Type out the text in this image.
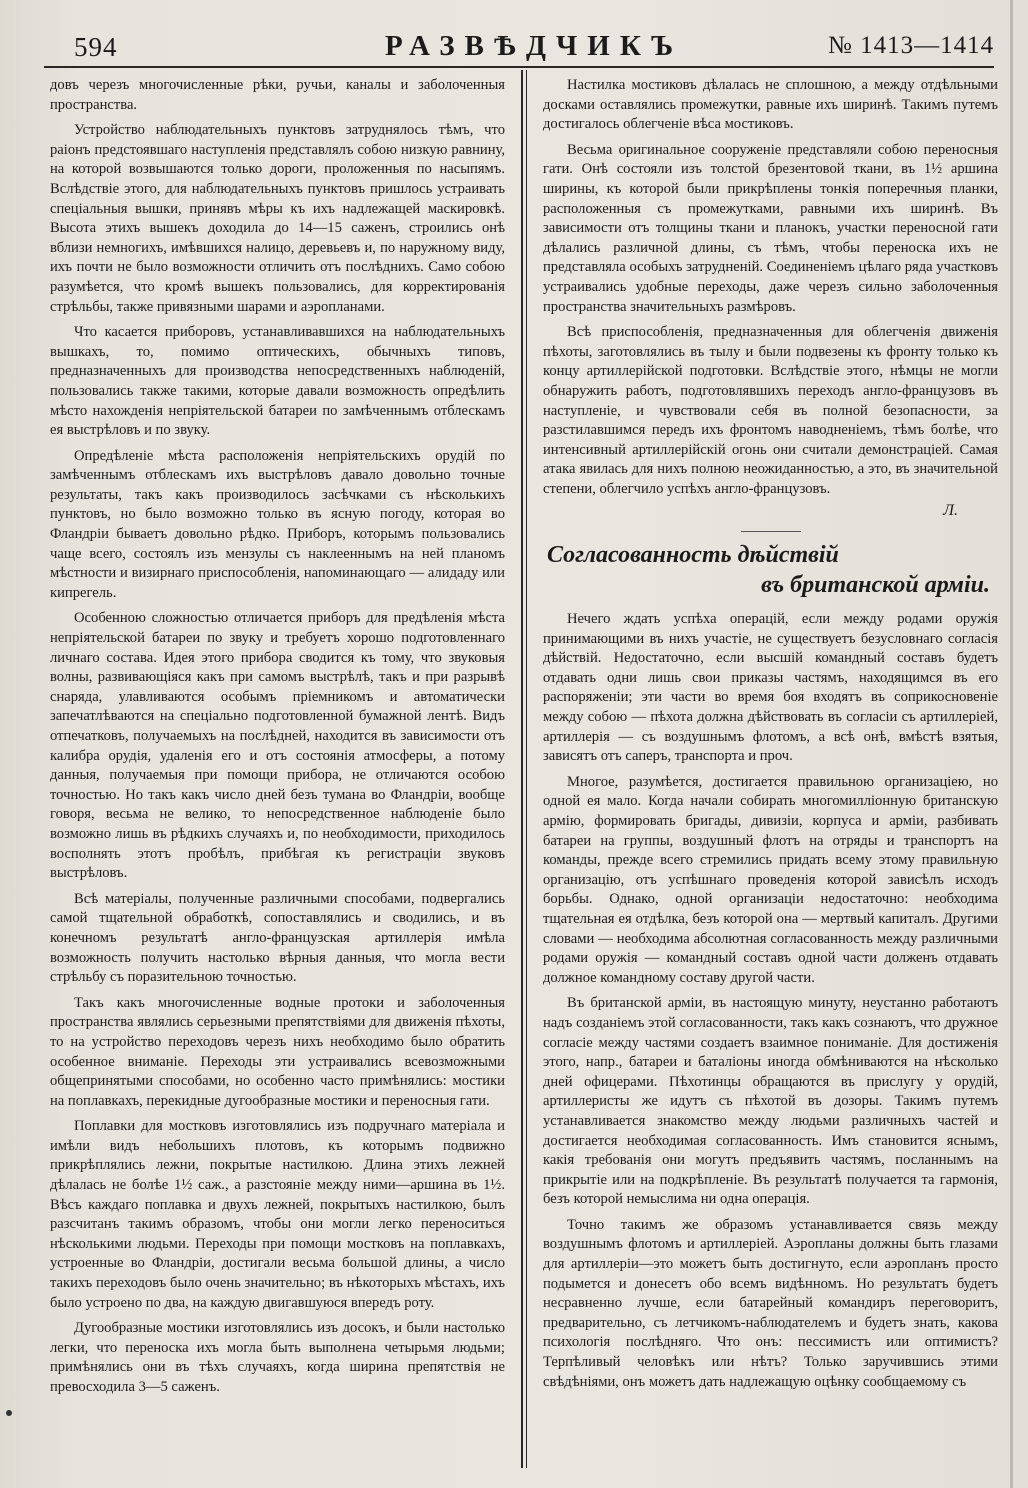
594	РАЗВѢДЧИКЪ	№ 1413—1414

довъ черезъ многочисленные рѣки, ручьи, каналы и заболоченныя пространства.

Устройство наблюдательныхъ пунктовъ затруднялось тѣмъ, что раіонъ предстоявшаго наступленія представлялъ собою низкую равнину, на которой возвышаются только дороги, проложенныя по насыпямъ. Вслѣдствіе этого, для наблюдательныхъ пунктовъ пришлось устраивать спеціальныя вышки, принявъ мѣры къ ихъ надлежащей маскировкѣ. Высота этихъ вышекъ доходила до 14—15 саженъ, строились онѣ вблизи немногихъ, имѣвшихся налицо, деревьевъ и, по наружному виду, ихъ почти не было возможности отличить отъ послѣднихъ. Само собою разумѣется, что кромѣ вышекъ пользовались, для корректированія стрѣльбы, также привязными шарами и аэропланами.

Что касается приборовъ, устанавливавшихся на наблюдательныхъ вышкахъ, то, помимо оптическихъ, обычныхъ типовъ, предназначенныхъ для производства непосредственныхъ наблюденій, пользовались также такими, которые давали возможность опредѣлить мѣсто нахожденія непріятельской батареи по замѣченнымъ отблескамъ ея выстрѣловъ и по звуку.

Опредѣленіе мѣста расположенія непріятельскихъ орудій по замѣченнымъ отблескамъ ихъ выстрѣловъ давало довольно точные результаты, такъ какъ производилось засѣчками съ нѣсколькихъ пунктовъ, но было возможно только въ ясную погоду, которая во Фландріи бываетъ довольно рѣдко. Приборъ, которымъ пользовались чаще всего, состоялъ изъ мензулы съ наклееннымъ на ней планомъ мѣстности и визирнаго приспособленія, напоминающаго — алидаду или кипрегель.

Особенною сложностью отличается приборъ для предѣленія мѣста непріятельской батареи по звуку и требуетъ хорошо подготовленнаго личнаго состава. Идея этого прибора сводится къ тому, что звуковыя волны, развивающіяся какъ при самомъ выстрѣлѣ, такъ и при разрывѣ снаряда, улавливаются особымъ пріемникомъ и автоматически запечатлѣваются на спеціально подготовленной бумажной лентѣ. Видъ отпечатковъ, получаемыхъ на послѣдней, находится въ зависимости отъ калибра орудія, удаленія его и отъ состоянія атмосферы, а потому данныя, получаемыя при помощи прибора, не отличаются особою точностью. Но такъ какъ число дней безъ тумана во Фландріи, вообще говоря, весьма не велико, то непосредственное наблюденіе было возможно лишь въ рѣдкихъ случаяхъ и, по необходимости, приходилось восполнять этотъ пробѣлъ, прибѣгая къ регистраціи звуковъ выстрѣловъ.

Всѣ матеріалы, полученные различными способами, подвергались самой тщательной обработкѣ, сопоставлялись и сводились, и въ конечномъ результатѣ англо-французская артиллерія имѣла возможность получить настолько вѣрныя данныя, что могла вести стрѣльбу съ поразительною точностью.

Такъ какъ многочисленные водные протоки и заболоченныя пространства являлись серьезными препятствіями для движенія пѣхоты, то на устройство переходовъ черезъ нихъ необходимо было обратить особенное вниманіе. Переходы эти устраивались всевозможными общепринятыми способами, но особенно часто примѣнялись: мостики на поплавкахъ, перекидные дугообразные мостики и переносныя гати.

Поплавки для мостковъ изготовлялись изъ подручнаго матеріала и имѣли видъ небольшихъ плотовъ, къ которымъ подвижно прикрѣплялись лежни, покрытые настилкою. Длина этихъ лежней дѣлалась не болѣе 1½ саж., а разстояніе между ними—аршина въ 1½. Вѣсъ каждаго поплавка и двухъ лежней, покрытыхъ настилкою, былъ разсчитанъ такимъ образомъ, чтобы они могли легко переноситься нѣсколькими людьми. Переходы при помощи мостковъ на поплавкахъ, устроенные во Фландріи, достигали весьма большой длины, а число такихъ переходовъ было очень значительно; въ нѣкоторыхъ мѣстахъ, ихъ было устроено по два, на каждую двигавшуюся впередъ роту.

Дугообразные мостики изготовлялись изъ досокъ, и были настолько легки, что переноска ихъ могла быть выполнена четырьмя людьми; примѣнялись они въ тѣхъ случаяхъ, когда ширина препятствія не превосходила 3—5 саженъ.

Настилка мостиковъ дѣлалась не сплошною, а между отдѣльными досками оставлялись промежутки, равные ихъ ширинѣ. Такимъ путемъ достигалось облегченіе вѣса мостиковъ.

Весьма оригинальное сооруженіе представляли собою переносныя гати. Онѣ состояли изъ толстой брезентовой ткани, въ 1½ аршина ширины, къ которой были прикрѣплены тонкія поперечныя планки, расположенныя съ промежутками, равными ихъ ширинѣ. Въ зависимости отъ толщины ткани и планокъ, участки переносной гати дѣлались различной длины, съ тѣмъ, чтобы переноска ихъ не представляла особыхъ затрудненій. Соединеніемъ цѣлаго ряда участковъ устраивались удобные переходы, даже черезъ сильно заболоченныя пространства значительныхъ размѣровъ.

Всѣ приспособленія, предназначенныя для облегченія движенія пѣхоты, заготовлялись въ тылу и были подвезены къ фронту только къ концу артиллерійской подготовки. Вслѣдствіе этого, нѣмцы не могли обнаружить работъ, подготовлявшихъ переходъ англо-французовъ въ наступленіе, и чувствовали себя въ полной безопасности, за разстилавшимся передъ ихъ фронтомъ наводненіемъ, тѣмъ болѣе, что интенсивный артиллерійскій огонь они считали демонстраціей. Самая атака явилась для нихъ полною неожиданностью, а это, въ значительной степени, облегчило успѣхъ англо-французовъ.

Л.
Согласованность дѣйствій
въ британской арміи.

Нечего ждать успѣха операцій, если между родами оружія принимающими въ нихъ участіе, не существуетъ безусловнаго согласія дѣйствій. Недостаточно, если высшій командный составъ будетъ отдавать одни лишь свои приказы частямъ, находящимся въ его распоряженіи; эти части во время боя входятъ въ соприкосновеніе между собою — пѣхота должна дѣйствовать въ согласіи съ артиллеріей, артиллерія — съ воздушнымъ флотомъ, а всѣ онѣ, вмѣстѣ взятыя, зависятъ отъ саперъ, транспорта и проч.

Многое, разумѣется, достигается правильною организаціею, но одной ея мало. Когда начали собирать многомилліонную британскую армію, формировать бригады, дивизіи, корпуса и арміи, разбивать батареи на группы, воздушный флотъ на отряды и транспортъ на команды, прежде всего стремились придать всему этому правильную организацію, отъ успѣшнаго проведенія которой зависѣлъ исходъ борьбы. Однако, одной организаціи недостаточно: необходима тщательная ея отдѣлка, безъ которой она — мертвый капиталъ. Другими словами — необходима абсолютная согласованность между различными родами оружія — командный составъ одной части долженъ отдавать должное командному составу другой части.

Въ британской арміи, въ настоящую минуту, неустанно работаютъ надъ созданіемъ этой согласованности, такъ какъ сознаютъ, что дружное согласіе между частями создаетъ взаимное пониманіе. Для достиженія этого, напр., батареи и баталіоны иногда обмѣниваются на нѣсколько дней офицерами. Пѣхотинцы обращаются въ прислугу у орудій, артиллеристы же идутъ съ пѣхотой въ дозоры. Такимъ путемъ устанавливается знакомство между людьми различныхъ частей и достигается необходимая согласованность. Имъ становится яснымъ, какія требованія они могутъ предъявить частямъ, посланнымъ на прикрытіе или на подкрѣпленіе. Въ результатѣ получается та гармонія, безъ которой немыслима ни одна операція.

Точно такимъ же образомъ устанавливается связь между воздушнымъ флотомъ и артиллеріей. Аэропланы должны быть глазами для артиллеріи—это можетъ быть достигнуто, если аэропланъ просто подымется и донесетъ обо всемъ видѣнномъ. Но результатъ будетъ несравненно лучше, если батарейный командиръ переговоритъ, предварительно, съ летчикомъ-наблюдателемъ и будетъ знать, какова психологія послѣдняго. Что онъ: пессимистъ или оптимистъ? Терпѣливый человѣкъ или нѣтъ? Только заручившись этими свѣдѣніями, онъ можетъ дать надлежащую оцѣнку сообщаемому съ
